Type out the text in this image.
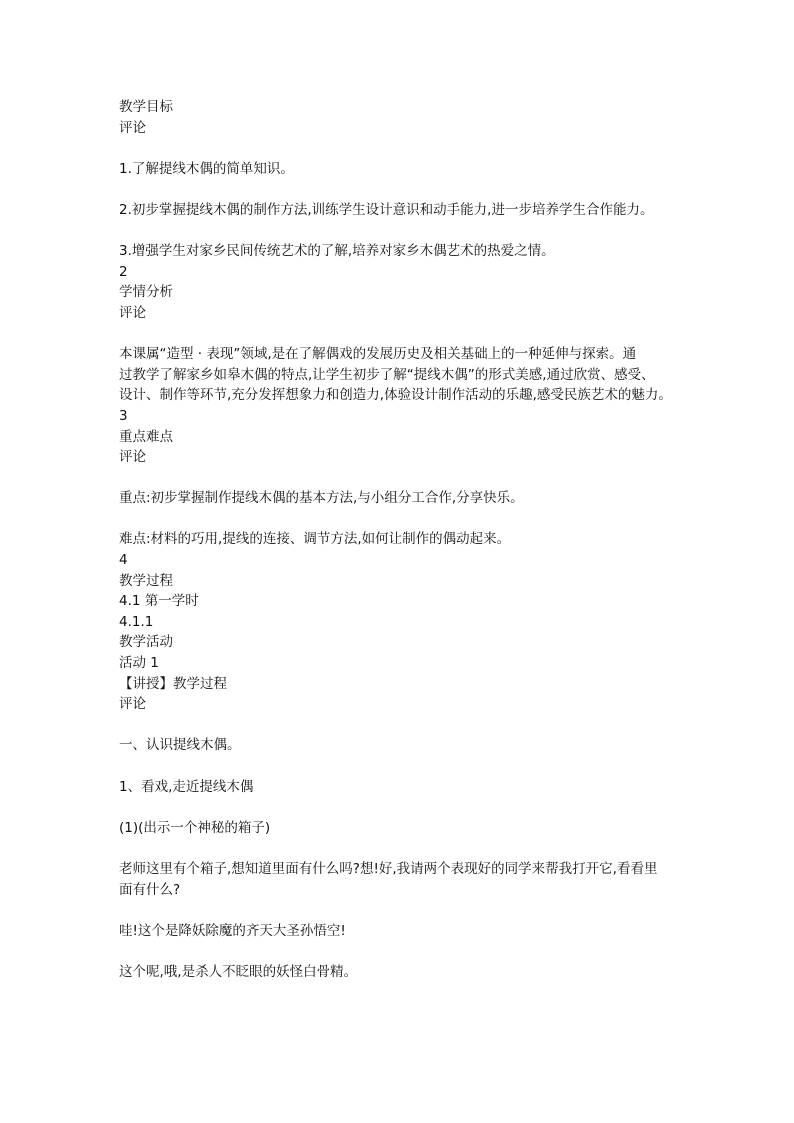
教学目标

评论

1.了解提线木偶的简单知识。

2.初步掌握提线木偶的制作方法,训练学生设计意识和动手能力,进一步培养学生合作能力。

3.增强学生对家乡民间传统艺术的了解,培养对家乡木偶艺术的热爱之情。

2

学情分析

评论

本课属“造型 · 表现”领域,是在了解偶戏的发展历史及相关基础上的一种延伸与探索。通
过教学了解家乡如皋木偶的特点,让学生初步了解“提线木偶”的形式美感,通过欣赏、感受、
设计、制作等环节,充分发挥想象力和创造力,体验设计制作活动的乐趣,感受民族艺术的魅力。

3

重点难点

评论

重点:初步掌握制作提线木偶的基本方法,与小组分工合作,分享快乐。

难点:材料的巧用,提线的连接、调节方法,如何让制作的偶动起来。

4

教学过程

4.1 第一学时

4.1.1

教学活动

活动 1

【讲授】教学过程

评论

一、认识提线木偶。

1、看戏,走近提线木偶

(1)(出示一个神秘的箱子)

老师这里有个箱子,想知道里面有什么吗?想!好,我请两个表现好的同学来帮我打开它,看看里
面有什么?

哇!这个是降妖除魔的齐天大圣孙悟空!

这个呢,哦,是杀人不眨眼的妖怪白骨精。
